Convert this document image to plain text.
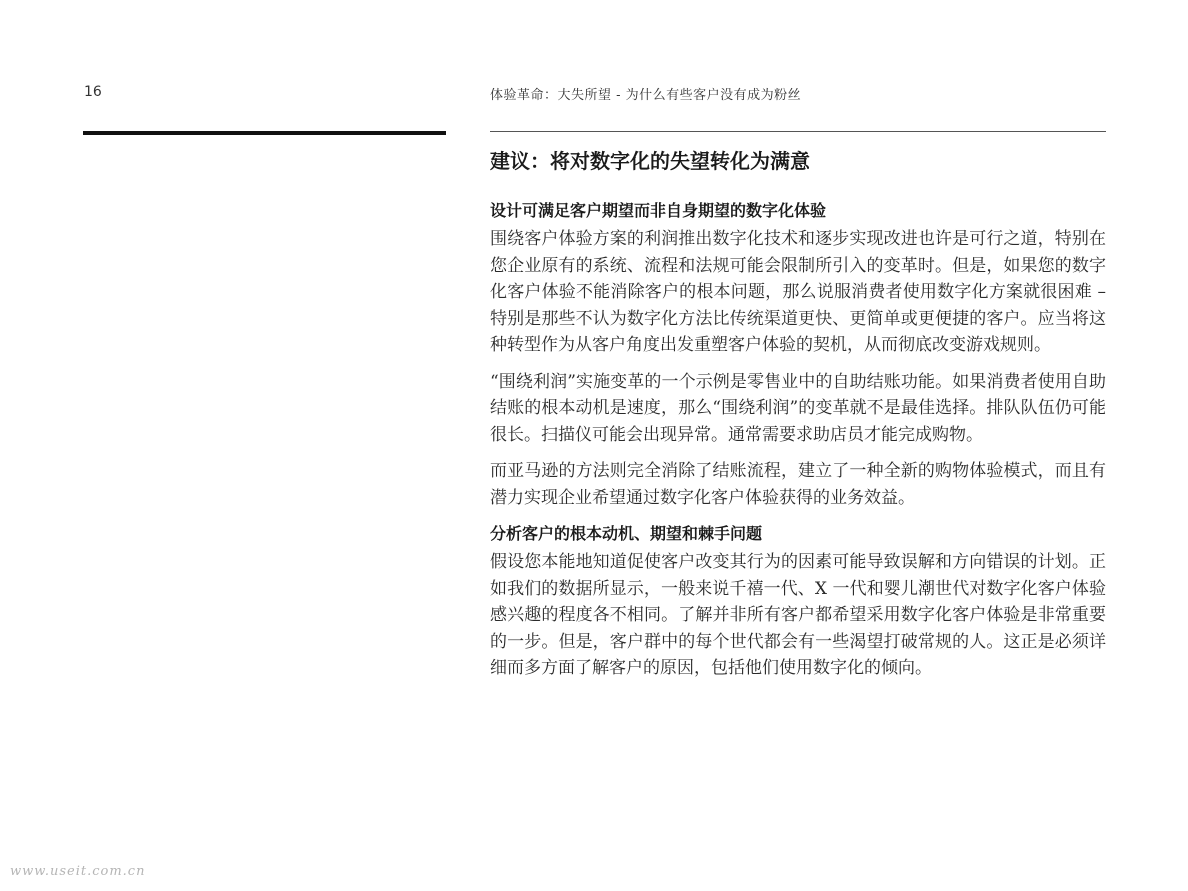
16	体验革命：大失所望 - 为什么有些客户没有成为粉丝
建议：将对数字化的失望转化为满意
设计可满足客户期望而非自身期望的数字化体验

围绕客户体验方案的利润推出数字化技术和逐步实现改进也许是可行之道，特别在您企业原有的系统、流程和法规可能会限制所引入的变革时。但是，如果您的数字化客户体验不能消除客户的根本问题，那么说服消费者使用数字化方案就很困难 – 特别是那些不认为数字化方法比传统渠道更快、更简单或更便捷的客户。应当将这种转型作为从客户角度出发重塑客户体验的契机，从而彻底改变游戏规则。

“围绕利润”实施变革的一个示例是零售业中的自助结账功能。如果消费者使用自助结账的根本动机是速度，那么“围绕利润”的变革就不是最佳选择。排队队伍仍可能很长。扫描仪可能会出现异常。通常需要求助店员才能完成购物。

而亚马逊的方法则完全消除了结账流程，建立了一种全新的购物体验模式，而且有潜力实现企业希望通过数字化客户体验获得的业务效益。

分析客户的根本动机、期望和棘手问题

假设您本能地知道促使客户改变其行为的因素可能导致误解和方向错误的计划。正如我们的数据所显示，一般来说千禧一代、X 一代和婴儿潮世代对数字化客户体验感兴趣的程度各不相同。了解并非所有客户都希望采用数字化客户体验是非常重要的一步。但是，客户群中的每个世代都会有一些渴望打破常规的人。这正是必须详细而多方面了解客户的原因，包括他们使用数字化的倾向。

www.useit.com.cn
